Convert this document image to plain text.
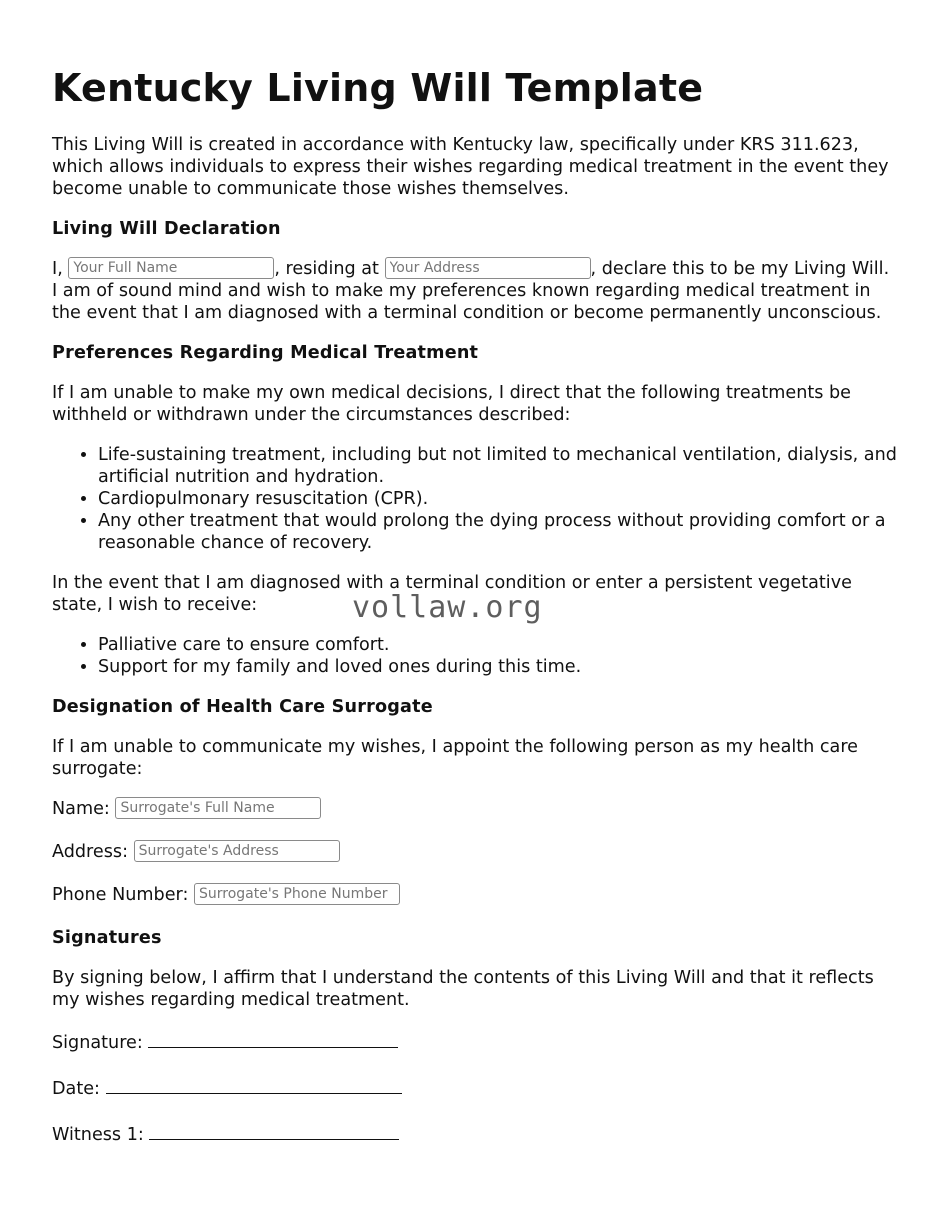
Kentucky Living Will Template

This Living Will is created in accordance with Kentucky law, specifically under KRS 311.623, which allows individuals to express their wishes regarding medical treatment in the event they become unable to communicate those wishes themselves.

Living Will Declaration

I, Your Full Name	, residing at Your Address	, declare this to be my Living Will. I am of sound mind and wish to make my preferences known regarding medical treatment in the event that I am diagnosed with a terminal condition or become permanently unconscious.

Preferences Regarding Medical Treatment

If I am unable to make my own medical decisions, I direct that the following treatments be withheld or withdrawn under the circumstances described:

• Life-sustaining treatment, including but not limited to mechanical ventilation, dialysis, and artificial nutrition and hydration.
• Cardiopulmonary resuscitation (CPR).
• Any other treatment that would prolong the dying process without providing comfort or a reasonable chance of recovery.

In the event that I am diagnosed with a terminal condition or enter a persistent vegetative state, I wish to receive:

• Palliative care to ensure comfort.
• Support for my family and loved ones during this time.
Designation of Health Care Surrogate

If I am unable to communicate my wishes, I appoint the following person as my health care surrogate:

Name: Surrogate's Full Name
Address: Surrogate's Address
Phone Number: Surrogate's Phone Number
Signatures

By signing below, I affirm that I understand the contents of this Living Will and that it reflects my wishes regarding medical treatment.

Signature:
Date:
Witness 1:
vollaw.org
